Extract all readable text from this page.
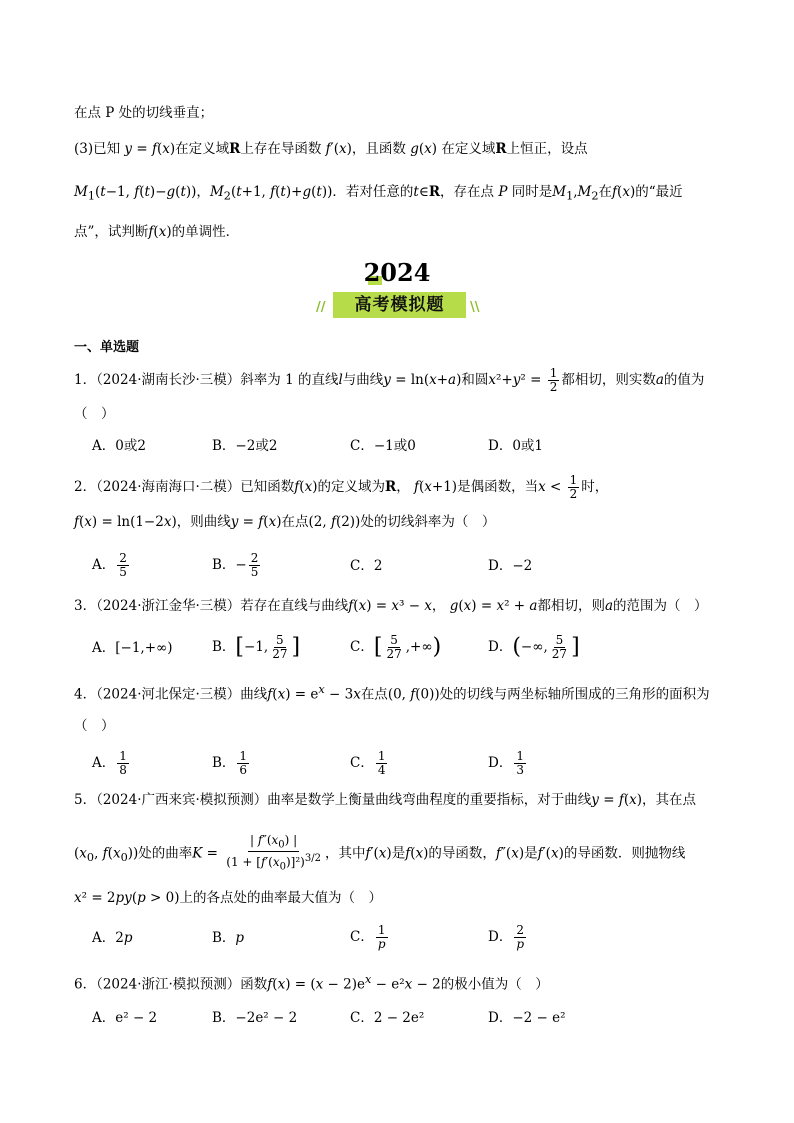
在点 P 处的切线垂直；
(3)已知 y = f(x)在定义域R上存在导函数 f′(x)，且函数 g(x) 在定义域R上恒正，设点
$M_1(t-1$, f(t)−g(t))，$M_2(t+1$, f(t)+g(t))．若对任意的t∈R，存在点 P 同时是$M_1,M_2$在f(x)的“最近
点”，试判断f(x)的单调性．
2024
//	高考模拟题	\\
一、单选题
1．（2024·湖南长沙·三模）斜率为 1 的直线l与曲线y = ln(x+a)和圆$x^2+y^2 = \frac{1}{2}$ 都相切，则实数a的值为
（　）
A．0或2	B．−2或2	C．−1或0	D．0或1
2．（2024·海南海口·二模）已知函数f(x)的定义域为R， f(x+1)是偶函数，当$x < \frac{1}{2}$ 时，
f(x) = ln(1−2x)，则曲线y = f(x)在点(2, f(2))处的切线斜率为（　）
A． $\frac{2}{5}$	B．− $\frac{2}{5}$	C．2	D．−2
3．（2024·浙江金华·三模）若存在直线与曲线f(x) = x³ − x， g(x) = x² + a都相切，则a的范围为（　）
A．[−1,+∞)	B．[−1, $\frac{5}{27}$ ]	C．[ $\frac{5}{27}$ ,+∞)	D．(−∞, $\frac{5}{27}$ ]
4．（2024·河北保定·三模）曲线$f(x) = e^x - 3x$在点(0, f(0))处的切线与两坐标轴所围成的三角形的面积为
（　）
A． $\frac{1}{8}$	B． $\frac{1}{6}$	C． $\frac{1}{4}$	D． $\frac{1}{3}$
5．（2024·广西来宾·模拟预测）曲率是数学上衡量曲线弯曲程度的重要指标，对于曲线y = f(x)，其在点
($x_0$, $f(x_0)$)处的曲率$K = \frac{| f''(x_0) |}{(1 + [f'(x_0)]^2)^{3/2}}$ ，其中f′(x)是f(x)的导函数，f″(x)是f′(x)的导函数．则抛物线
x² = 2py(p > 0)上的各点处的曲率最大值为（　）
A．2p	B．p	C． $\frac{1}{p}$	D． $\frac{2}{p}$
6．（2024·浙江·模拟预测）函数$f(x) = (x - 2)e^x - e^2x - 2$的极小值为（　）
A．e² − 2	B．−2e² − 2	C．2 − 2e²	D．−2 − e²
